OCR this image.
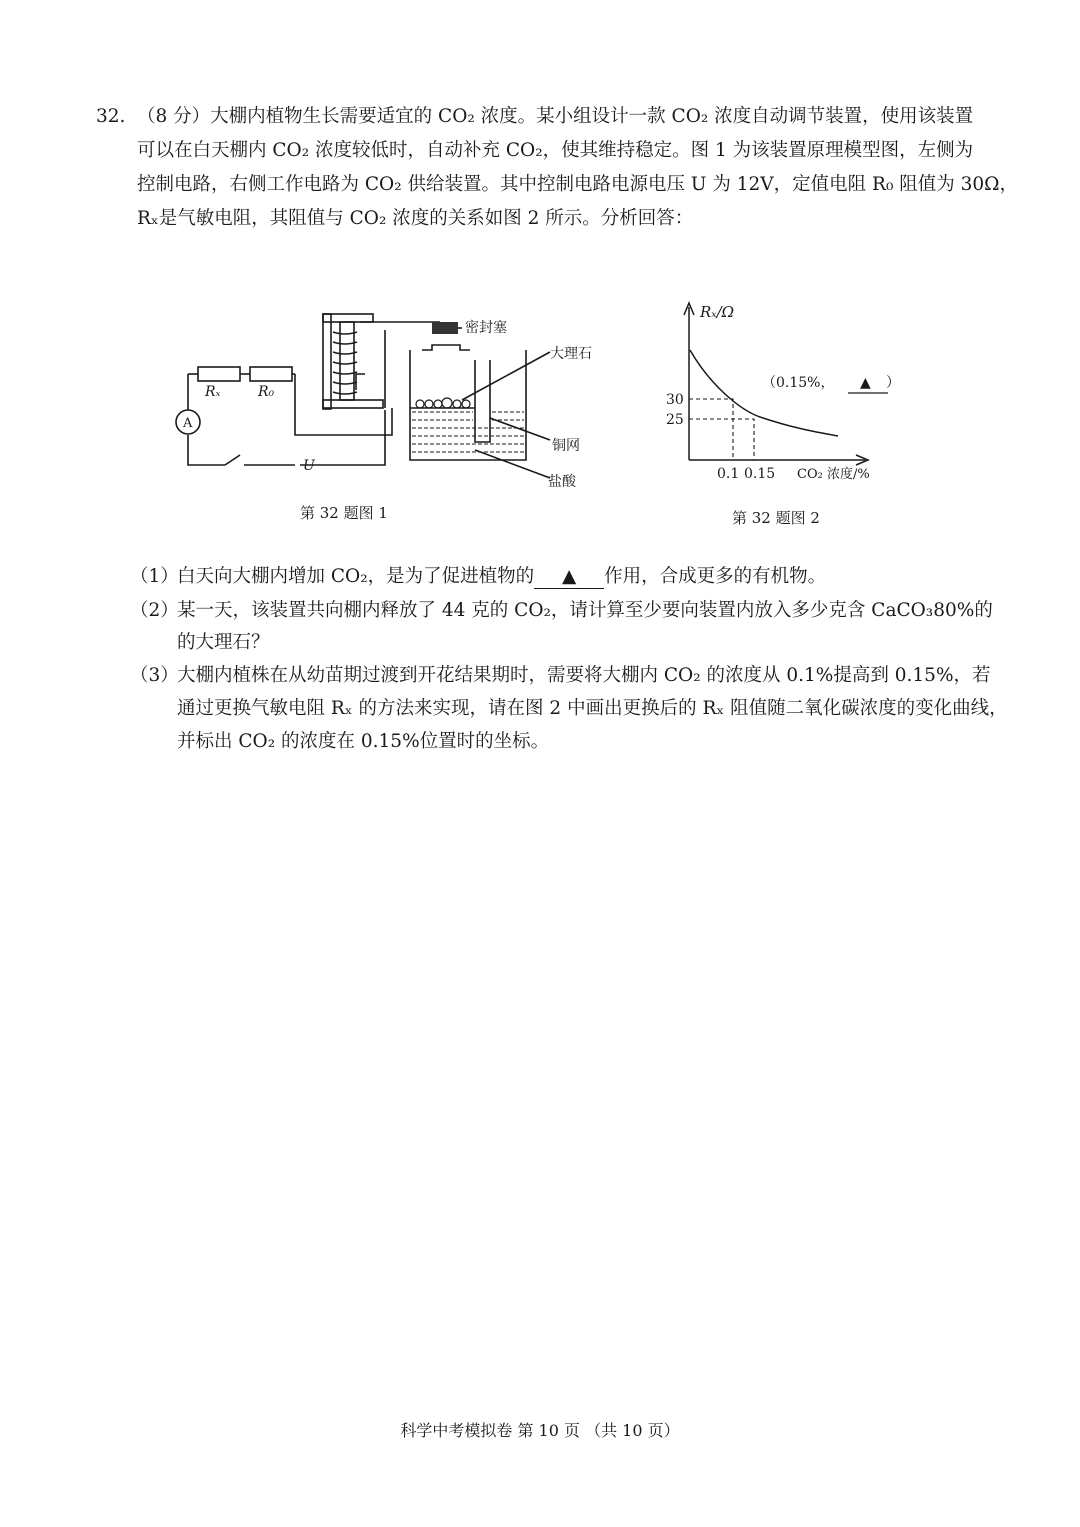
32. （8 分）大棚内植物生长需要适宜的 CO₂ 浓度。某小组设计一款 CO₂ 浓度自动调节装置，使用该装置
可以在白天棚内 CO₂ 浓度较低时，自动补充 CO₂，使其维持稳定。图 1 为该装置原理模型图，左侧为
控制电路，右侧工作电路为 CO₂ 供给装置。其中控制电路电源电压 U 为 12V，定值电阻 R₀ 阻值为 30Ω，
Rₓ是气敏电阻，其阻值与 CO₂ 浓度的关系如图 2 所示。分析回答：
Rₓ	R₀
A
U
密封塞
大理石
铜网
盐酸
第 32 题图 1
Rₓ/Ω
30
25
0.1 0.15 CO₂ 浓度/%
（0.15%， ▲ ）
第 32 题图 2
（1）
白天向大棚内增加 CO₂，是为了促进植物的 ▲ 作用，合成更多的有机物。
（2）
某一天，该装置共向棚内释放了 44 克的 CO₂，请计算至少要向装置内放入多少克含 CaCO₃80%的
的大理石？
（3）
大棚内植株在从幼苗期过渡到开花结果期时，需要将大棚内 CO₂ 的浓度从 0.1%提高到 0.15%，若
通过更换气敏电阻 Rₓ 的方法来实现，请在图 2 中画出更换后的 Rₓ 阻值随二氧化碳浓度的变化曲线，
并标出 CO₂ 的浓度在 0.15%位置时的坐标。
科学中考模拟卷 第 10 页 （共 10 页）
